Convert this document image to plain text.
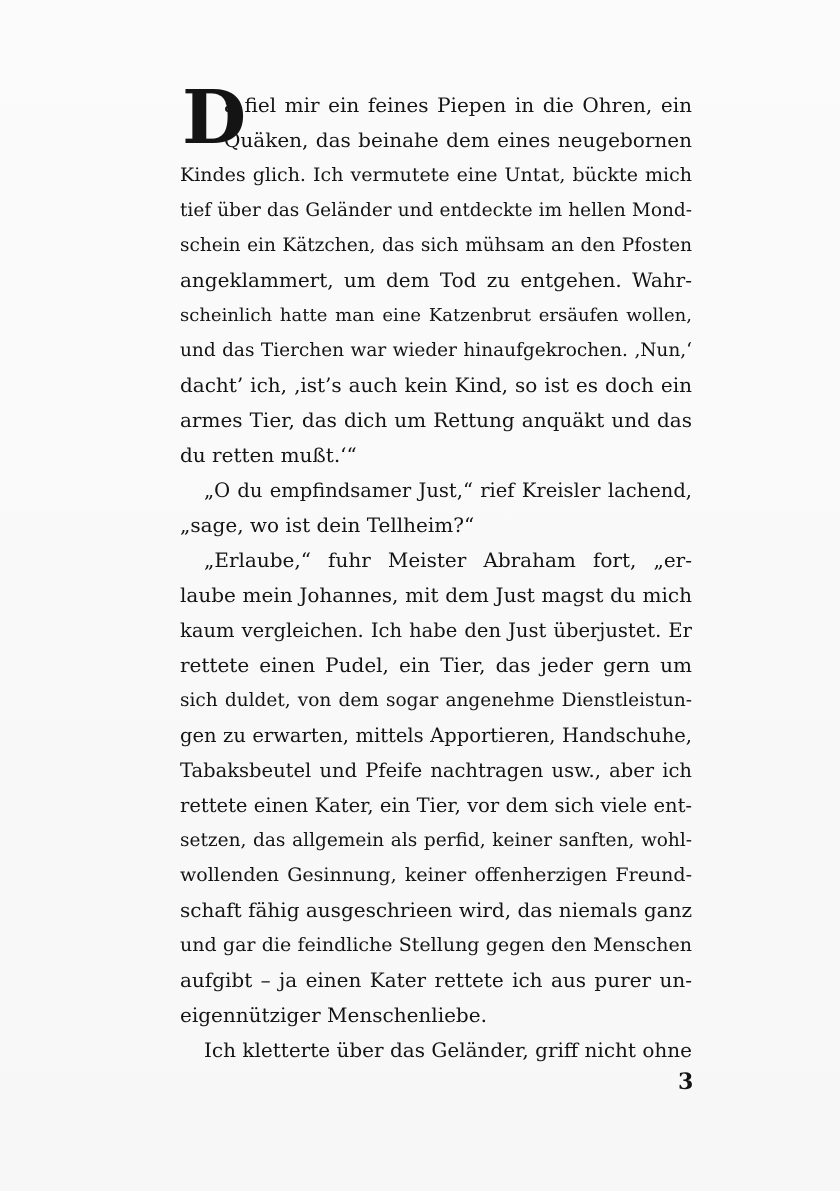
D
a fiel mir ein feines Piepen in die Ohren, ein
Quäken, das beinahe dem eines neugebornen
Kindes glich. Ich vermutete eine Untat, bückte mich
tief über das Geländer und entdeckte im hellen Mond-
schein ein Kätzchen, das sich mühsam an den Pfosten
angeklammert, um dem Tod zu entgehen. Wahr-
scheinlich hatte man eine Katzenbrut ersäufen wollen,
und das Tierchen war wieder hinaufgekrochen. ‚Nun,‘
dacht’ ich, ‚ist’s auch kein Kind, so ist es doch ein
armes Tier, das dich um Rettung anquäkt und das
du retten mußt.‘“
„O du empfindsamer Just,“ rief Kreisler lachend,
„sage, wo ist dein Tellheim?“
„Erlaube,“ fuhr Meister Abraham fort, „er-
laube mein Johannes, mit dem Just magst du mich
kaum vergleichen. Ich habe den Just überjustet. Er
rettete einen Pudel, ein Tier, das jeder gern um
sich duldet, von dem sogar angenehme Dienstleistun-
gen zu erwarten, mittels Apportieren, Handschuhe,
Tabaksbeutel und Pfeife nachtragen usw., aber ich
rettete einen Kater, ein Tier, vor dem sich viele ent-
setzen, das allgemein als perfid, keiner sanften, wohl-
wollenden Gesinnung, keiner offenherzigen Freund-
schaft fähig ausgeschrieen wird, das niemals ganz
und gar die feindliche Stellung gegen den Menschen
aufgibt – ja einen Kater rettete ich aus purer un-
eigennütziger Menschenliebe.
Ich kletterte über das Geländer, griff nicht ohne
3
